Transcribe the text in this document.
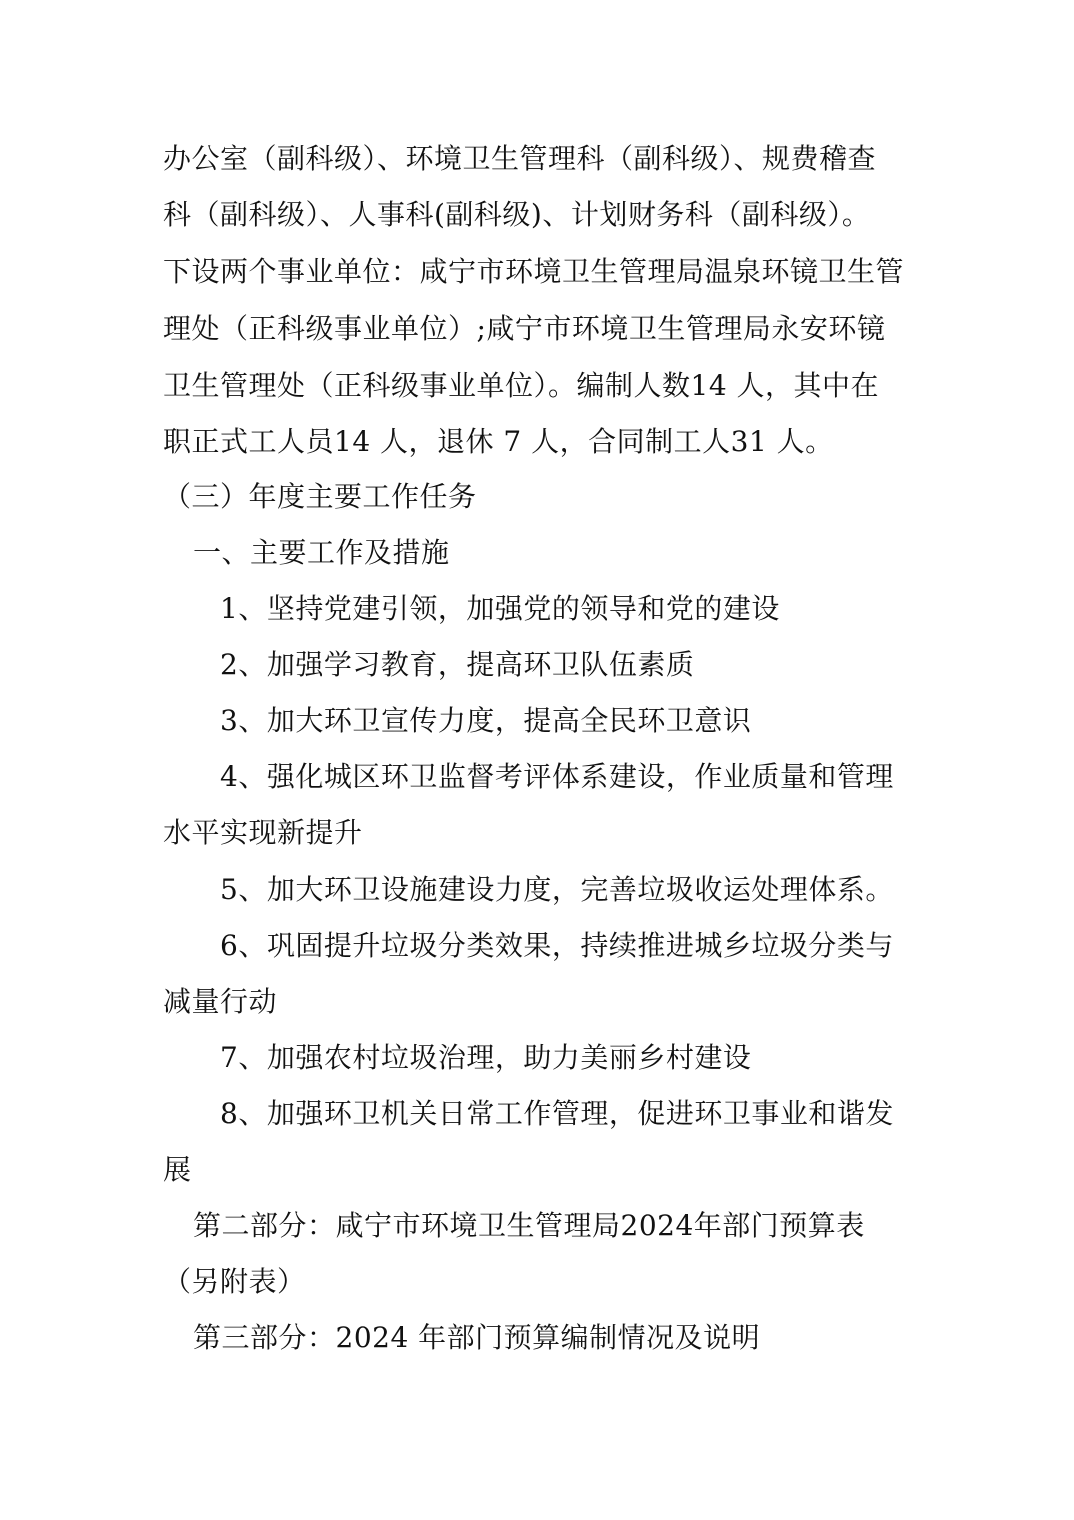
办公室（副科级）、环境卫生管理科（副科级）、规费稽查
科（副科级）、人事科(副科级)、计划财务科（副科级）。
下设两个事业单位：咸宁市环境卫生管理局温泉环镜卫生管
理处（正科级事业单位）;咸宁市环境卫生管理局永安环镜
卫生管理处（正科级事业单位）。编制人数14 人，其中在
职正式工人员14 人，退休 7 人，合同制工人31 人。
（三）年度主要工作任务
一、主要工作及措施
1、坚持党建引领，加强党的领导和党的建设
2、加强学习教育，提高环卫队伍素质
3、加大环卫宣传力度，提高全民环卫意识
4、强化城区环卫监督考评体系建设，作业质量和管理
水平实现新提升
5、加大环卫设施建设力度，完善垃圾收运处理体系。
6、巩固提升垃圾分类效果，持续推进城乡垃圾分类与
减量行动
7、加强农村垃圾治理，助力美丽乡村建设
8、加强环卫机关日常工作管理，促进环卫事业和谐发
展
第二部分：咸宁市环境卫生管理局2024年部门预算表
（另附表）
第三部分：2024 年部门预算编制情况及说明
